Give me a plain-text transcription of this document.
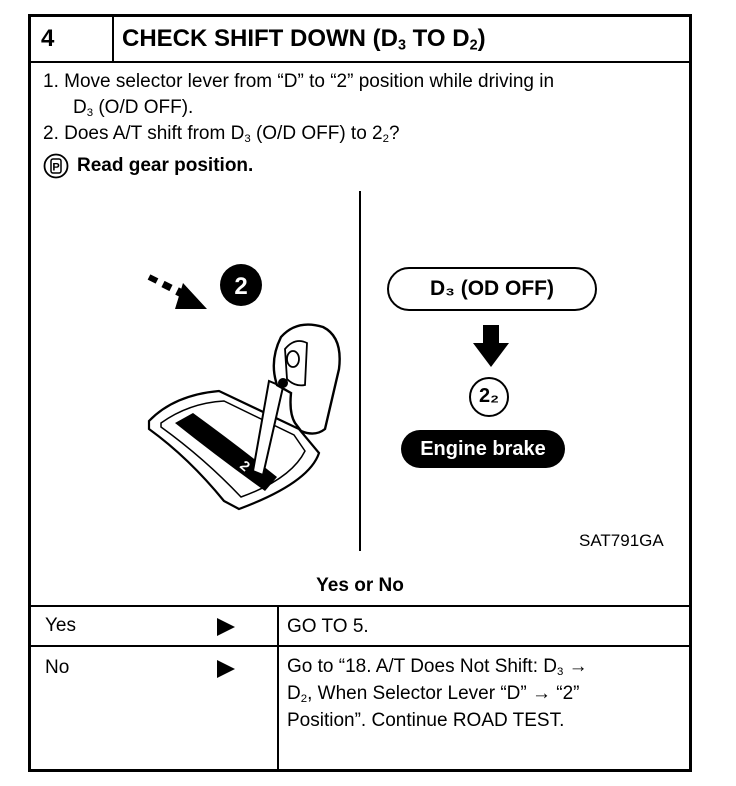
4	CHECK SHIFT DOWN ($D_3$ TO $D_2$)
1. Move selector lever from “D” to “2” position while driving in
$D_3$ (O/D OFF).
2. Does A/T shift from $D_3$ (O/D OFF) to $2_2$?
P Read gear position.
2
2
D₃ (OD OFF)
2₂
Engine brake
SAT791GA
Yes or No
Yes	GO TO 5.
No	Go to “18. A/T Does Not Shift: $D_3$ →
$D_2$, When Selector Lever “D” → “2”
Position”. Continue ROAD TEST.
